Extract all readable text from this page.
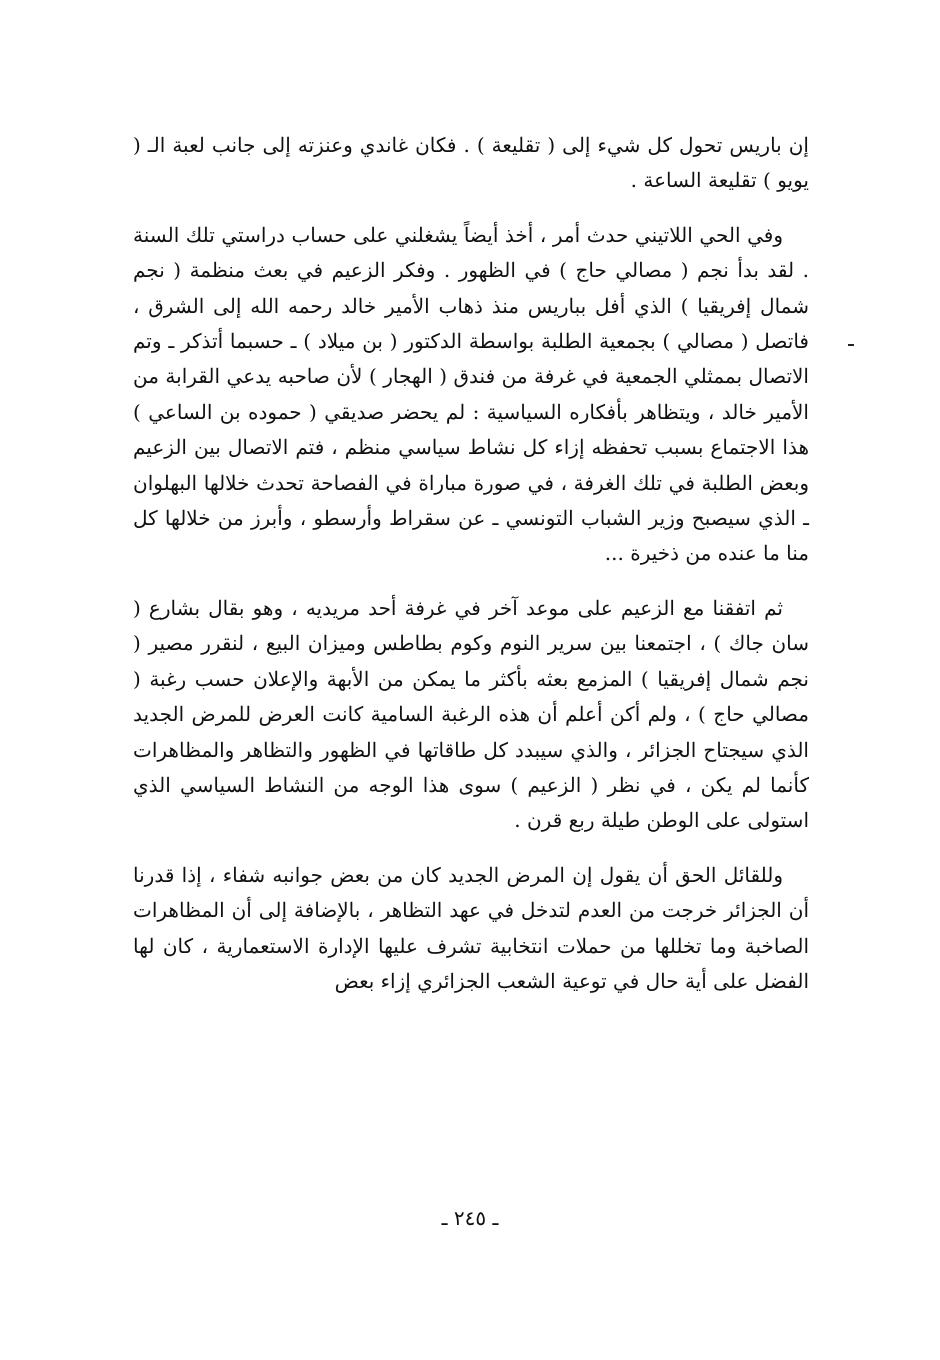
إن باريس تحول كل شيء إلى ( تقليعة ) . فكان غاندي وعنزته إلى جانب لعبة الـ ( يويو ) تقليعة الساعة .

وفي الحي اللاتيني حدث أمر ، أخذ أيضاً يشغلني على حساب دراستي تلك السنة . لقد بدأ نجم ( مصالي حاج ) في الظهور . وفكر الزعيم في بعث منظمة ( نجم شمال إفريقيا ) الذي أفل بباريس منذ ذهاب الأمير خالد رحمه الله إلى الشرق ، فاتصل ( مصالي ) بجمعية الطلبة بواسطة الدكتور ( بن ميلاد ) ـ حسبما أتذكر ـ وتم الاتصال بممثلي الجمعية في غرفة من فندق ( الهجار ) لأن صاحبه يدعي القرابة من الأمير خالد ، ويتظاهر بأفكاره السياسية : لم يحضر صديقي ( حموده بن الساعي ) هذا الاجتماع بسبب تحفظه إزاء كل نشاط سياسي منظم ، فتم الاتصال بين الزعيم وبعض الطلبة في تلك الغرفة ، في صورة مباراة في الفصاحة تحدث خلالها البهلوان ـ الذي سيصبح وزير الشباب التونسي ـ عن سقراط وأرسطو ، وأبرز من خلالها كل منا ما عنده من ذخيرة ...

ثم اتفقنا مع الزعيم على موعد آخر في غرفة أحد مريديه ، وهو بقال بشارع ( سان جاك ) ، اجتمعنا بين سرير النوم وكوم بطاطس وميزان البيع ، لنقرر مصير ( نجم شمال إفريقيا ) المزمع بعثه بأكثر ما يمكن من الأبهة والإعلان حسب رغبة ( مصالي حاج ) ، ولم أكن أعلم أن هذه الرغبة السامية كانت العرض للمرض الجديد الذي سيجتاح الجزائر ، والذي سيبدد كل طاقاتها في الظهور والتظاهر والمظاهرات كأنما لم يكن ، في نظر ( الزعيم ) سوى هذا الوجه من النشاط السياسي الذي استولى على الوطن طيلة ربع قرن .

وللقائل الحق أن يقول إن المرض الجديد كان من بعض جوانبه شفاء ، إذا قدرنا أن الجزائر خرجت من العدم لتدخل في عهد التظاهر ، بالإضافة إلى أن المظاهرات الصاخبة وما تخللها من حملات انتخابية تشرف عليها الإدارة الاستعمارية ، كان لها الفضل على أية حال في توعية الشعب الجزائري إزاء بعض

ـ ٢٤٥ ـ
